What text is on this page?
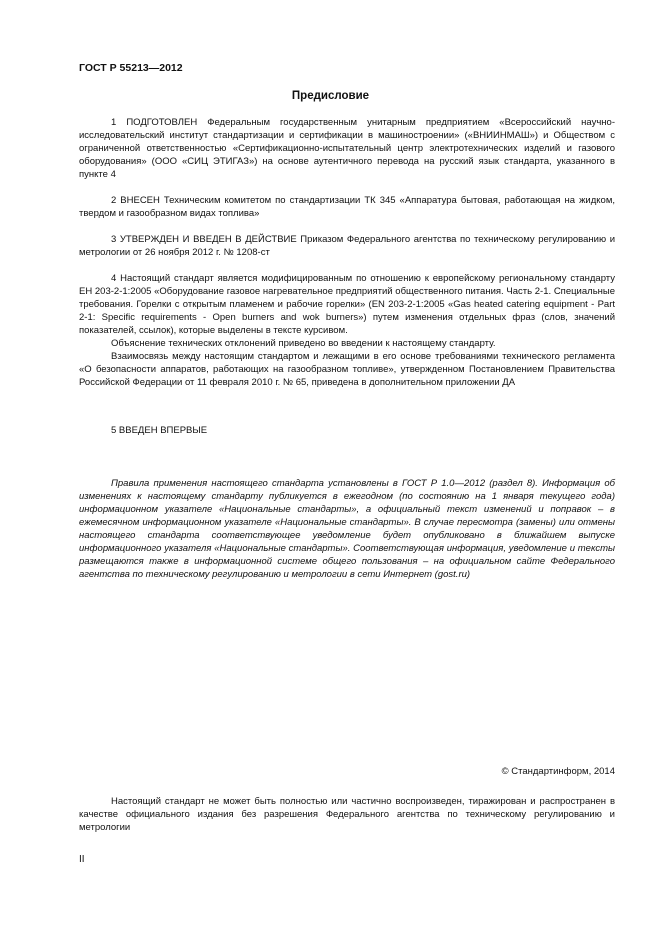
ГОСТ Р 55213—2012
Предисловие

1 ПОДГОТОВЛЕН Федеральным государственным унитарным предприятием «Всероссийский научно-исследовательский институт стандартизации и сертификации в машиностроении» («ВНИИНМАШ») и Обществом с ограниченной ответственностью «Сертификационно-испытательный центр электротехнических изделий и газового оборудования» (ООО «СИЦ ЭТИГАЗ») на основе аутентичного перевода на русский язык стандарта, указанного в пункте 4

2 ВНЕСЕН Техническим комитетом по стандартизации ТК 345 «Аппаратура бытовая, работающая на жидком, твердом и газообразном видах топлива»

3 УТВЕРЖДЕН И ВВЕДЕН В ДЕЙСТВИЕ Приказом Федерального агентства по техническому регулированию и метрологии от 26 ноября 2012 г. № 1208-ст

4 Настоящий стандарт является модифицированным по отношению к европейскому региональному стандарту ЕН 203-2-1:2005 «Оборудование газовое нагревательное предприятий общественного питания. Часть 2-1. Специальные требования. Горелки с открытым пламенем и рабочие горелки» (EN 203-2-1:2005 «Gas heated catering equipment - Part 2-1: Specific requirements - Open burners and wok burners») путем изменения отдельных фраз (слов, значений показателей, ссылок), которые выделены в тексте курсивом.

Объяснение технических отклонений приведено во введении к настоящему стандарту.

Взаимосвязь между настоящим стандартом и лежащими в его основе требованиями технического регламента «О безопасности аппаратов, работающих на газообразном топливе», утвержденном Постановлением Правительства Российской Федерации от 11 февраля 2010 г. № 65, приведена в дополнительном приложении ДА

5 ВВЕДЕН ВПЕРВЫЕ

Правила применения настоящего стандарта установлены в ГОСТ Р 1.0—2012 (раздел 8). Информация об изменениях к настоящему стандарту публикуется в ежегодном (по состоянию на 1 января текущего года) информационном указателе «Национальные стандарты», а официальный текст изменений и поправок – в ежемесячном информационном указателе «Национальные стандарты». В случае пересмотра (замены) или отмены настоящего стандарта соответствующее уведомление будет опубликовано в ближайшем выпуске информационного указателя «Национальные стандарты». Соответствующая информация, уведомление и тексты размещаются также в информационной системе общего пользования – на официальном сайте Федерального агентства по техническому регулированию и метрологии в сети Интернет (gost.ru)

© Стандартинформ, 2014

Настоящий стандарт не может быть полностью или частично воспроизведен, тиражирован и распространен в качестве официального издания без разрешения Федерального агентства по техническому регулированию и метрологии

II
